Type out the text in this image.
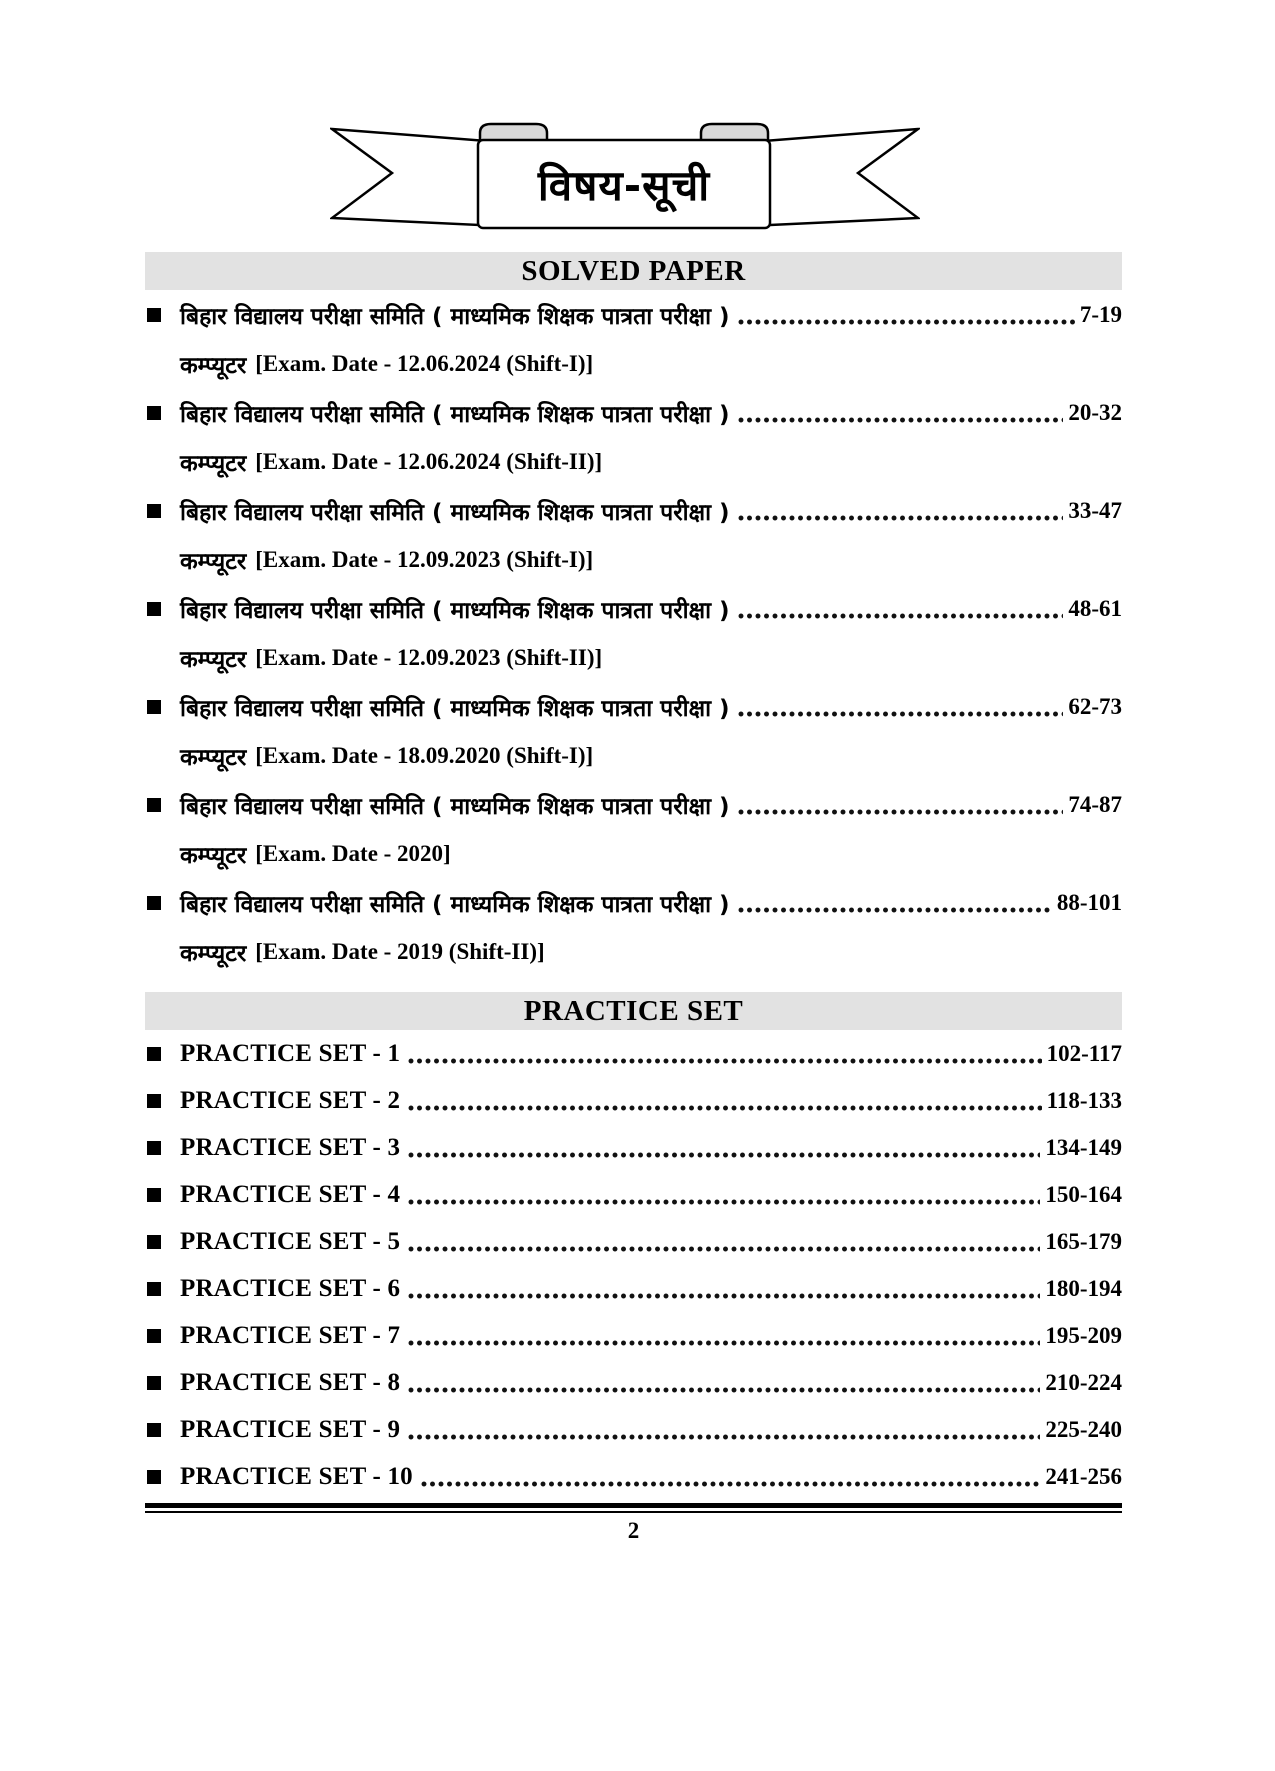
विषय-सूची
SOLVED PAPER
बिहार विद्यालय परीक्षा समिति ( माध्यमिक शिक्षक पात्रता परीक्षा )	7-19
कम्प्यूटर [Exam. Date - 12.06.2024 (Shift-I)]
बिहार विद्यालय परीक्षा समिति ( माध्यमिक शिक्षक पात्रता परीक्षा )	20-32
कम्प्यूटर [Exam. Date - 12.06.2024 (Shift-II)]
बिहार विद्यालय परीक्षा समिति ( माध्यमिक शिक्षक पात्रता परीक्षा )	33-47
कम्प्यूटर [Exam. Date - 12.09.2023 (Shift-I)]
बिहार विद्यालय परीक्षा समिति ( माध्यमिक शिक्षक पात्रता परीक्षा )	48-61
कम्प्यूटर [Exam. Date - 12.09.2023 (Shift-II)]
बिहार विद्यालय परीक्षा समिति ( माध्यमिक शिक्षक पात्रता परीक्षा )	62-73
कम्प्यूटर [Exam. Date - 18.09.2020 (Shift-I)]
बिहार विद्यालय परीक्षा समिति ( माध्यमिक शिक्षक पात्रता परीक्षा )	74-87
कम्प्यूटर [Exam. Date - 2020]
बिहार विद्यालय परीक्षा समिति ( माध्यमिक शिक्षक पात्रता परीक्षा )	88-101
कम्प्यूटर [Exam. Date - 2019 (Shift-II)]
PRACTICE SET
PRACTICE SET - 1	102-117
PRACTICE SET - 2	118-133
PRACTICE SET - 3	134-149
PRACTICE SET - 4	150-164
PRACTICE SET - 5	165-179
PRACTICE SET - 6	180-194
PRACTICE SET - 7	195-209
PRACTICE SET - 8	210-224
PRACTICE SET - 9	225-240
PRACTICE SET - 10	241-256
2
